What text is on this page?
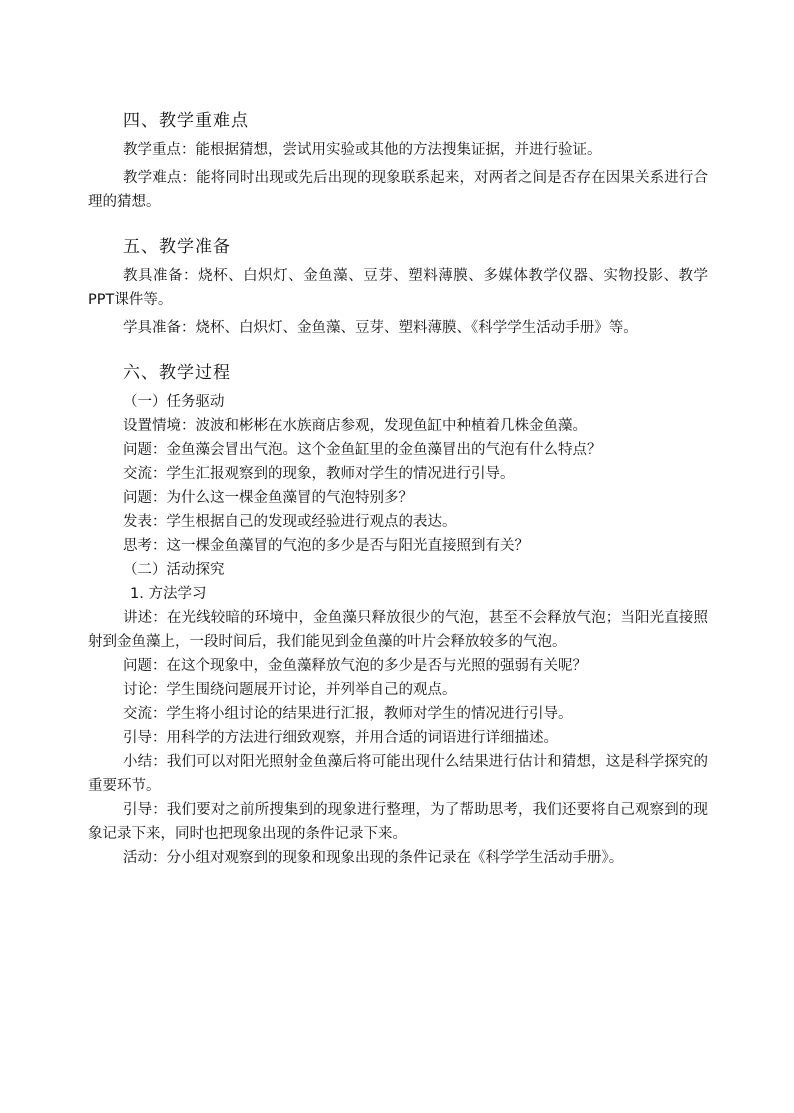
四、教学重难点

教学重点：能根据猜想，尝试用实验或其他的方法搜集证据，并进行验证。

教学难点：能将同时出现或先后出现的现象联系起来，对两者之间是否存在因果关系进行合理的猜想。

五、教学准备

教具准备：烧杯、白炽灯、金鱼藻、豆芽、塑料薄膜、多媒体教学仪器、实物投影、教学PPT课件等。

学具准备：烧杯、白炽灯、金鱼藻、豆芽、塑料薄膜、《科学学生活动手册》等。

六、教学过程

（一）任务驱动

设置情境：波波和彬彬在水族商店参观，发现鱼缸中种植着几株金鱼藻。

问题：金鱼藻会冒出气泡。这个金鱼缸里的金鱼藻冒出的气泡有什么特点？

交流：学生汇报观察到的现象，教师对学生的情况进行引导。

问题：为什么这一棵金鱼藻冒的气泡特别多？

发表：学生根据自己的发现或经验进行观点的表达。

思考：这一棵金鱼藻冒的气泡的多少是否与阳光直接照到有关？

（二）活动探究

1. 方法学习

讲述：在光线较暗的环境中，金鱼藻只释放很少的气泡，甚至不会释放气泡；当阳光直接照射到金鱼藻上，一段时间后，我们能见到金鱼藻的叶片会释放较多的气泡。

问题：在这个现象中，金鱼藻释放气泡的多少是否与光照的强弱有关呢？

讨论：学生围绕问题展开讨论，并列举自己的观点。

交流：学生将小组讨论的结果进行汇报，教师对学生的情况进行引导。

引导：用科学的方法进行细致观察，并用合适的词语进行详细描述。

小结：我们可以对阳光照射金鱼藻后将可能出现什么结果进行估计和猜想，这是科学探究的重要环节。

引导：我们要对之前所搜集到的现象进行整理，为了帮助思考，我们还要将自己观察到的现象记录下来，同时也把现象出现的条件记录下来。

活动：分小组对观察到的现象和现象出现的条件记录在《科学学生活动手册》。
